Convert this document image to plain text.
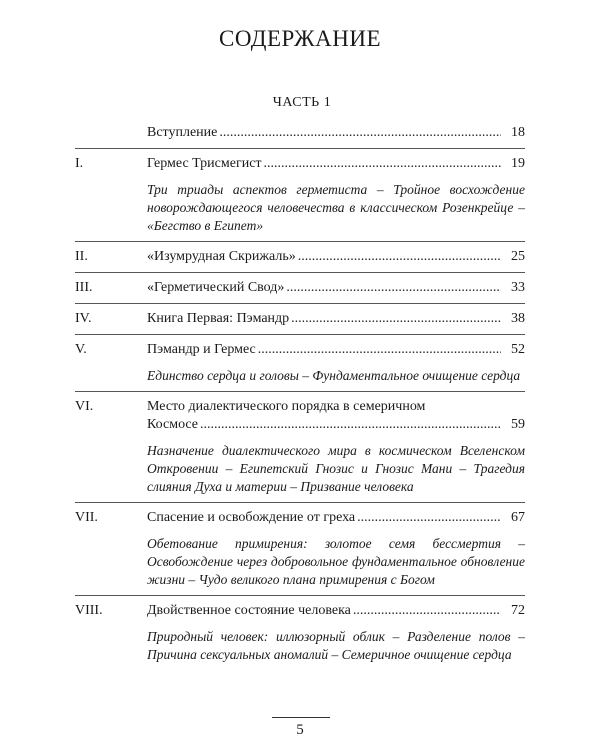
СОДЕРЖАНИЕ
ЧАСТЬ 1
Вступление .....	18
I.	Гермес Трисмегист .....	19
Три триады аспектов герметиста – Тройное восхождение новорождающегося человечества в классическом Розенкрейце – «Бегство в Египет»
II.	«Изумрудная Скрижаль» .....	25
III.	«Герметический Свод» .....	33
IV.	Книга Первая: Пэмандр .....	38
V.	Пэмандр и Гермес .....	52
Единство сердца и головы – Фундаментальное очищение сердца
VI.	Место диалектического порядка в семеричном
Космосе .....	59
Назначение диалектического мира в космическом Вселенском Откровении – Египетский Гнозис и Гнозис Мани – Трагедия слияния Духа и материи – Призвание человека
VII.	Спасение и освобождение от греха .....	67
Обетование примирения: золотое семя бессмертия – Освобождение через добровольное фундаментальное обновление жизни – Чудо великого плана примирения с Богом
VIII.	Двойственное состояние человека .....	72
Природный человек: иллюзорный облик – Разделение полов – Причина сексуальных аномалий – Семеричное очищение сердца
5
